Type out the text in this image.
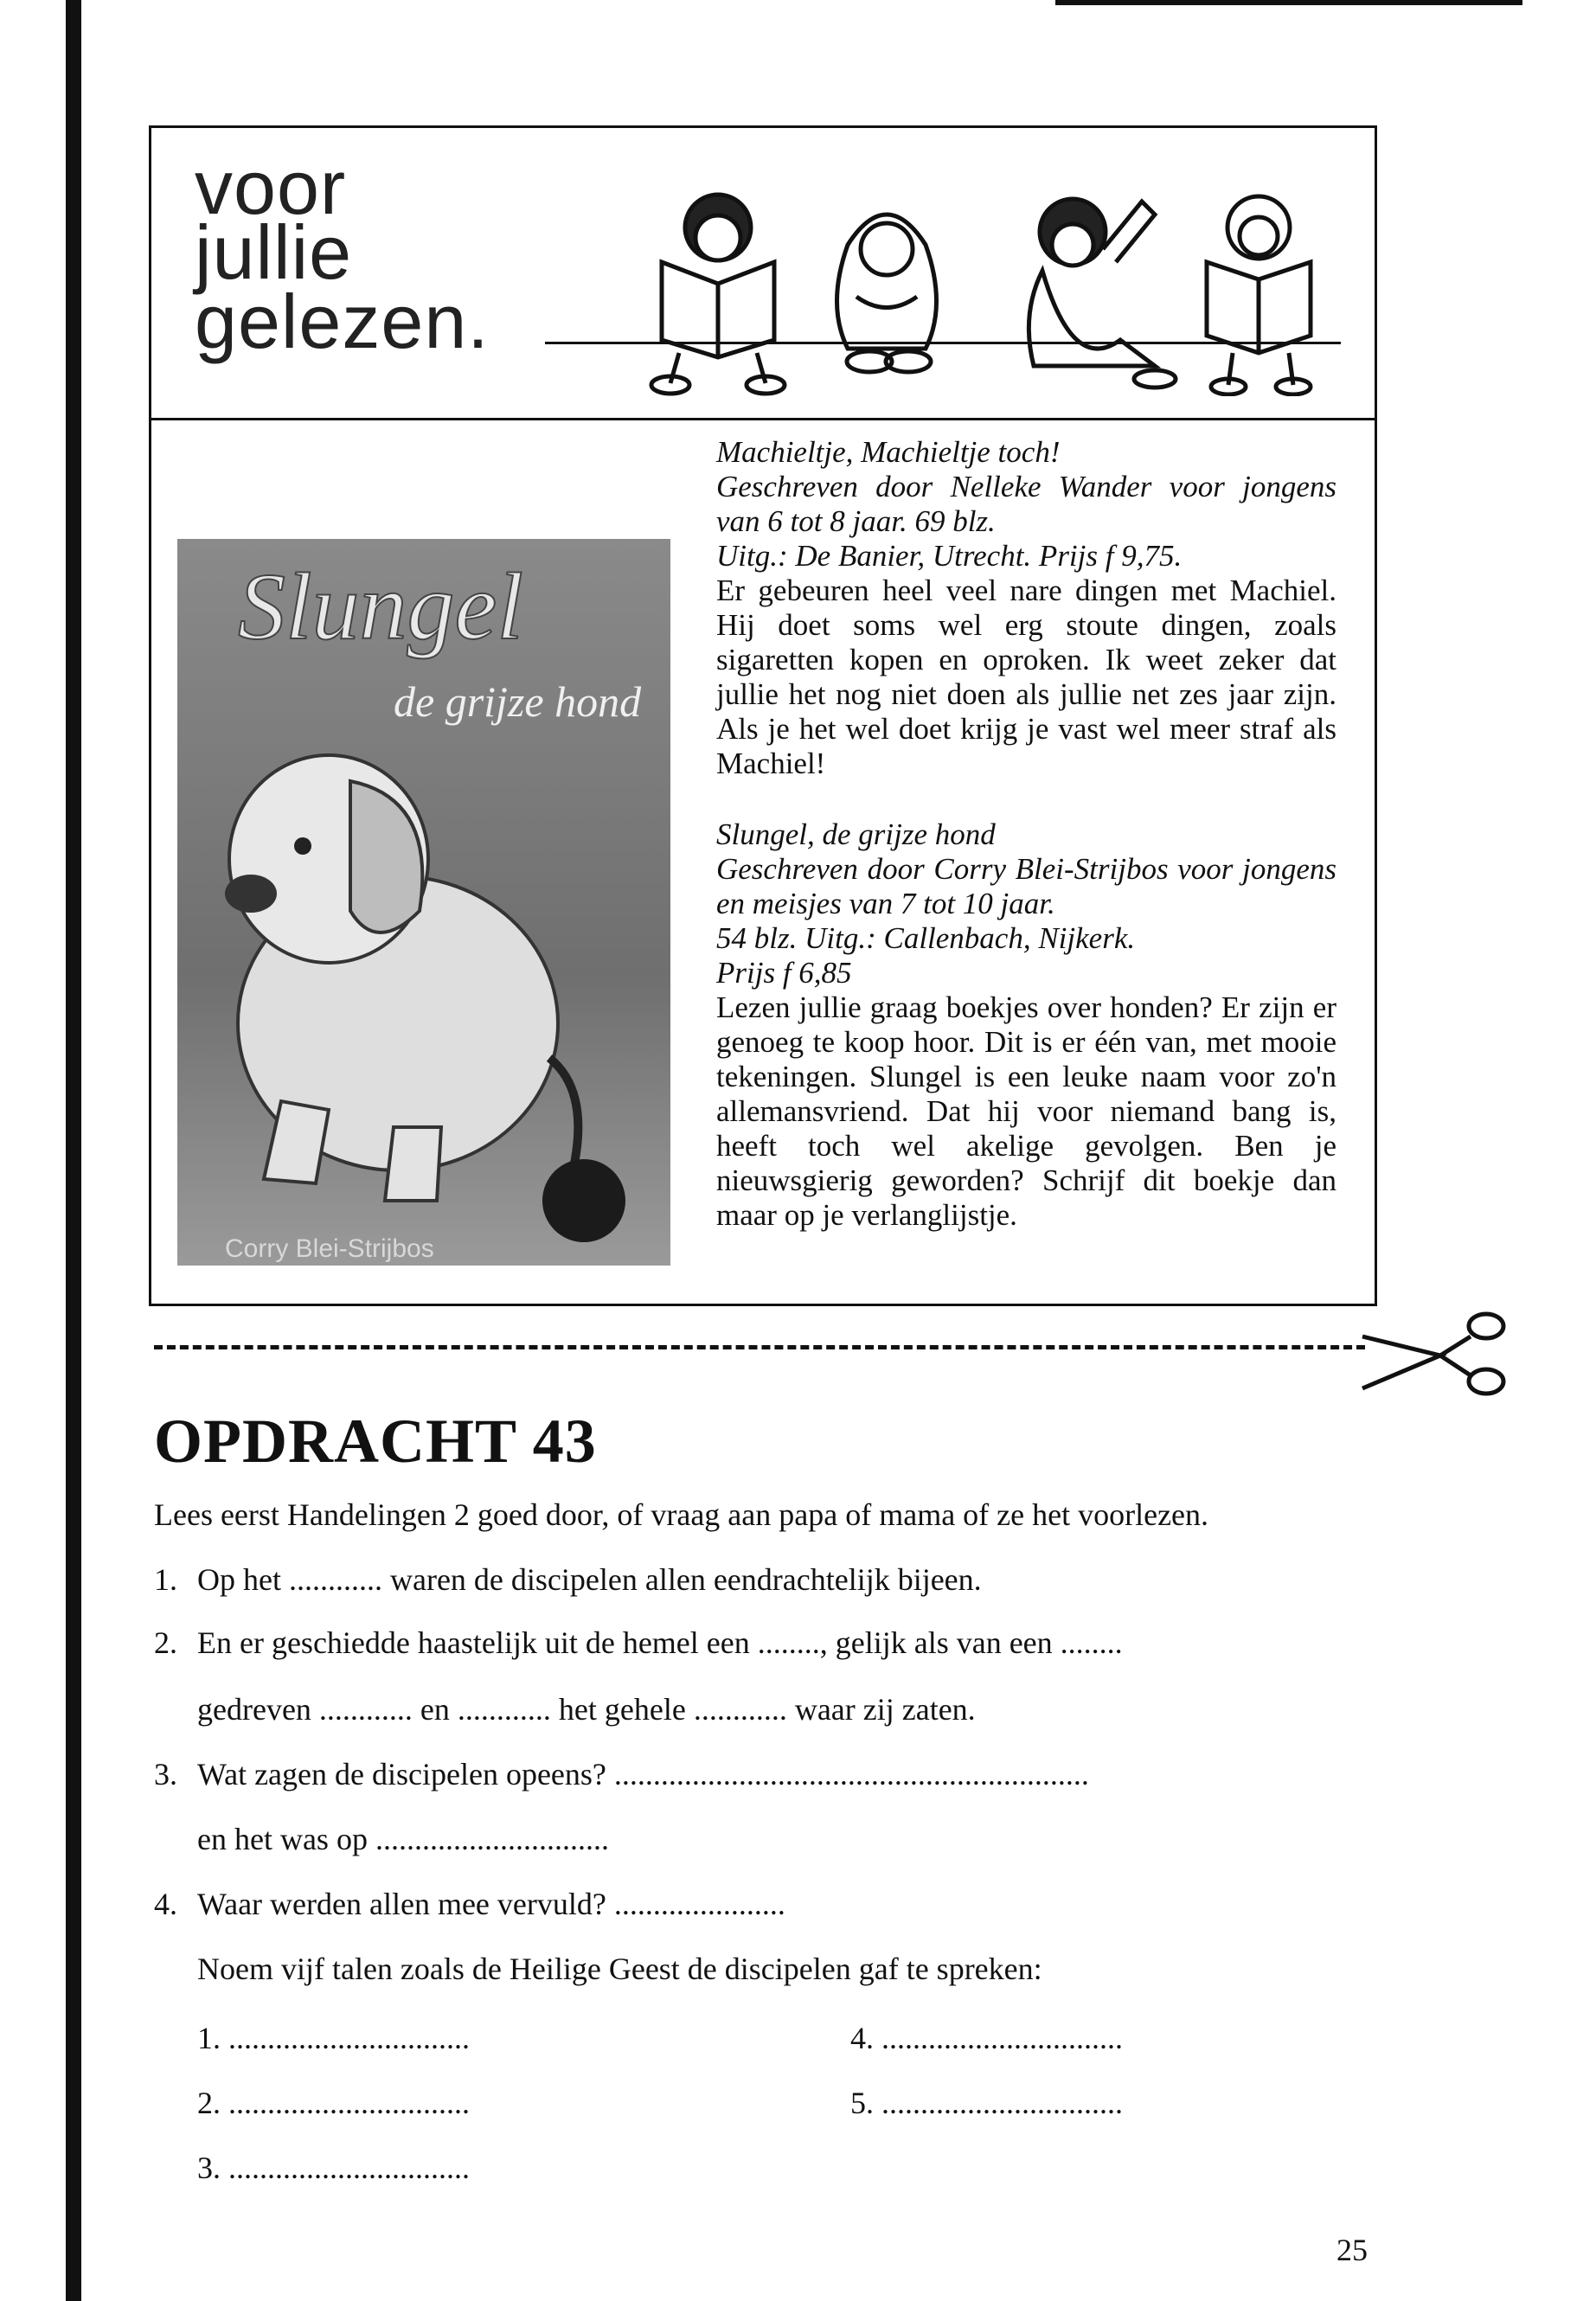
voor
jullie
gelezen.
Slungel
de grijze hond
Corry Blei-Strijbos

Machieltje, Machieltje toch!

Geschreven door Nelleke Wander voor jongens van 6 tot 8 jaar. 69 blz.

Uitg.: De Banier, Utrecht. Prijs f 9,75.

Er gebeuren heel veel nare dingen met Machiel. Hij doet soms wel erg stoute dingen, zoals sigaretten kopen en oproken. Ik weet zeker dat jullie het nog niet doen als jullie net zes jaar zijn. Als je het wel doet krijg je vast wel meer straf als Machiel!

Slungel, de grijze hond

Geschreven door Corry Blei-Strijbos voor jongens en meisjes van 7 tot 10 jaar.

54 blz. Uitg.: Callenbach, Nijkerk.

Prijs f 6,85

Lezen jullie graag boekjes over honden? Er zijn er genoeg te koop hoor. Dit is er één van, met mooie tekeningen. Slungel is een leuke naam voor zo'n allemansvriend. Dat hij voor niemand bang is, heeft toch wel akelige gevolgen. Ben je nieuwsgierig geworden? Schrijf dit boekje dan maar op je verlanglijstje.

OPDRACHT 43
Lees eerst Handelingen 2 goed door, of vraag aan papa of mama of ze het voorlezen.
1. Op het ............ waren de discipelen allen eendrachtelijk bijeen.
2. En er geschiedde haastelijk uit de hemel een ........, gelijk als van een ........
gedreven ............ en ............ het gehele ............ waar zij zaten.
3. Wat zagen de discipelen opeens? .............................................................
en het was op ..............................
4. Waar werden allen mee vervuld? ......................
Noem vijf talen zoals de Heilige Geest de discipelen gaf te spreken:
1. ...............................
2. ...............................
3. ...............................
4. ...............................
5. ...............................
25
